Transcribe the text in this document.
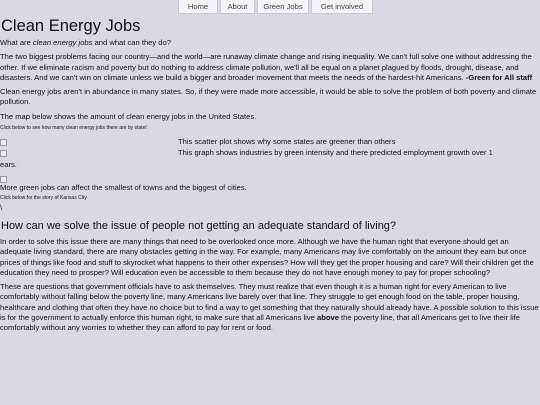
Home	About	Green Jobs	Get involved
Clean Energy Jobs

What are clean energy jobs and what can they do?

The two biggest problems facing our country—and the world—are runaway climate change and rising inequality. We can't full solve one without addressing the other. If we eliminate racism and poverty but do nothing to address climate pollution, we'll all be equal on a planet plagued by floods, drought, disease, and disasters. And we can't win on climate unless we build a bigger and broader movement that meets the needs of the hardest-hit Americans. -Green for All staff

Clean energy jobs aren't in abundance in many states. So, if they were made more accessible, it would be able to solve the problem of both poverty and climate pollution.

The map below shows the amount of clean energy jobs in the United States.

Click below to see how many clean energy jobs there are by state!
This scatter plot shows why some states are greener than others
This graph shows industries by green intensity and there predicted employment growth over 1
ears.

More green jobs can affect the smallest of towns and the biggest of cities.

Click below for the story of Kansas City
\
How can we solve the issue of people not getting an adequate standard of living?

In order to solve this issue there are many things that need to be overlooked once more. Although we have the human right that everyone should get an adequate living standard, there are many obstacles getting in the way. For example, many Americans may live comfortably on the amount they earn but once prices of things like food and stuff to skyrocket what happens to their other expenses? How will they get the proper housing and care? Will their children get the education they need to prosper? Will education even be accessible to them because they do not have enough money to pay for proper schooling?

These are questions that government officials have to ask themselves. They must realize that even though it is a human right for every American to live comfortably without falling below the poverty line, many Americans live barely over that line. They struggle to get enough food on the table, proper housing, healthcare and clothing that often they have no choice but to find a way to get something that they naturally should already have. A possible solution to this issue is for the government to actually enforce this human right, to make sure that all Americans live above the poverty line, that all Americans get to live their life comfortably without any worries to whether they can afford to pay for rent or food.
